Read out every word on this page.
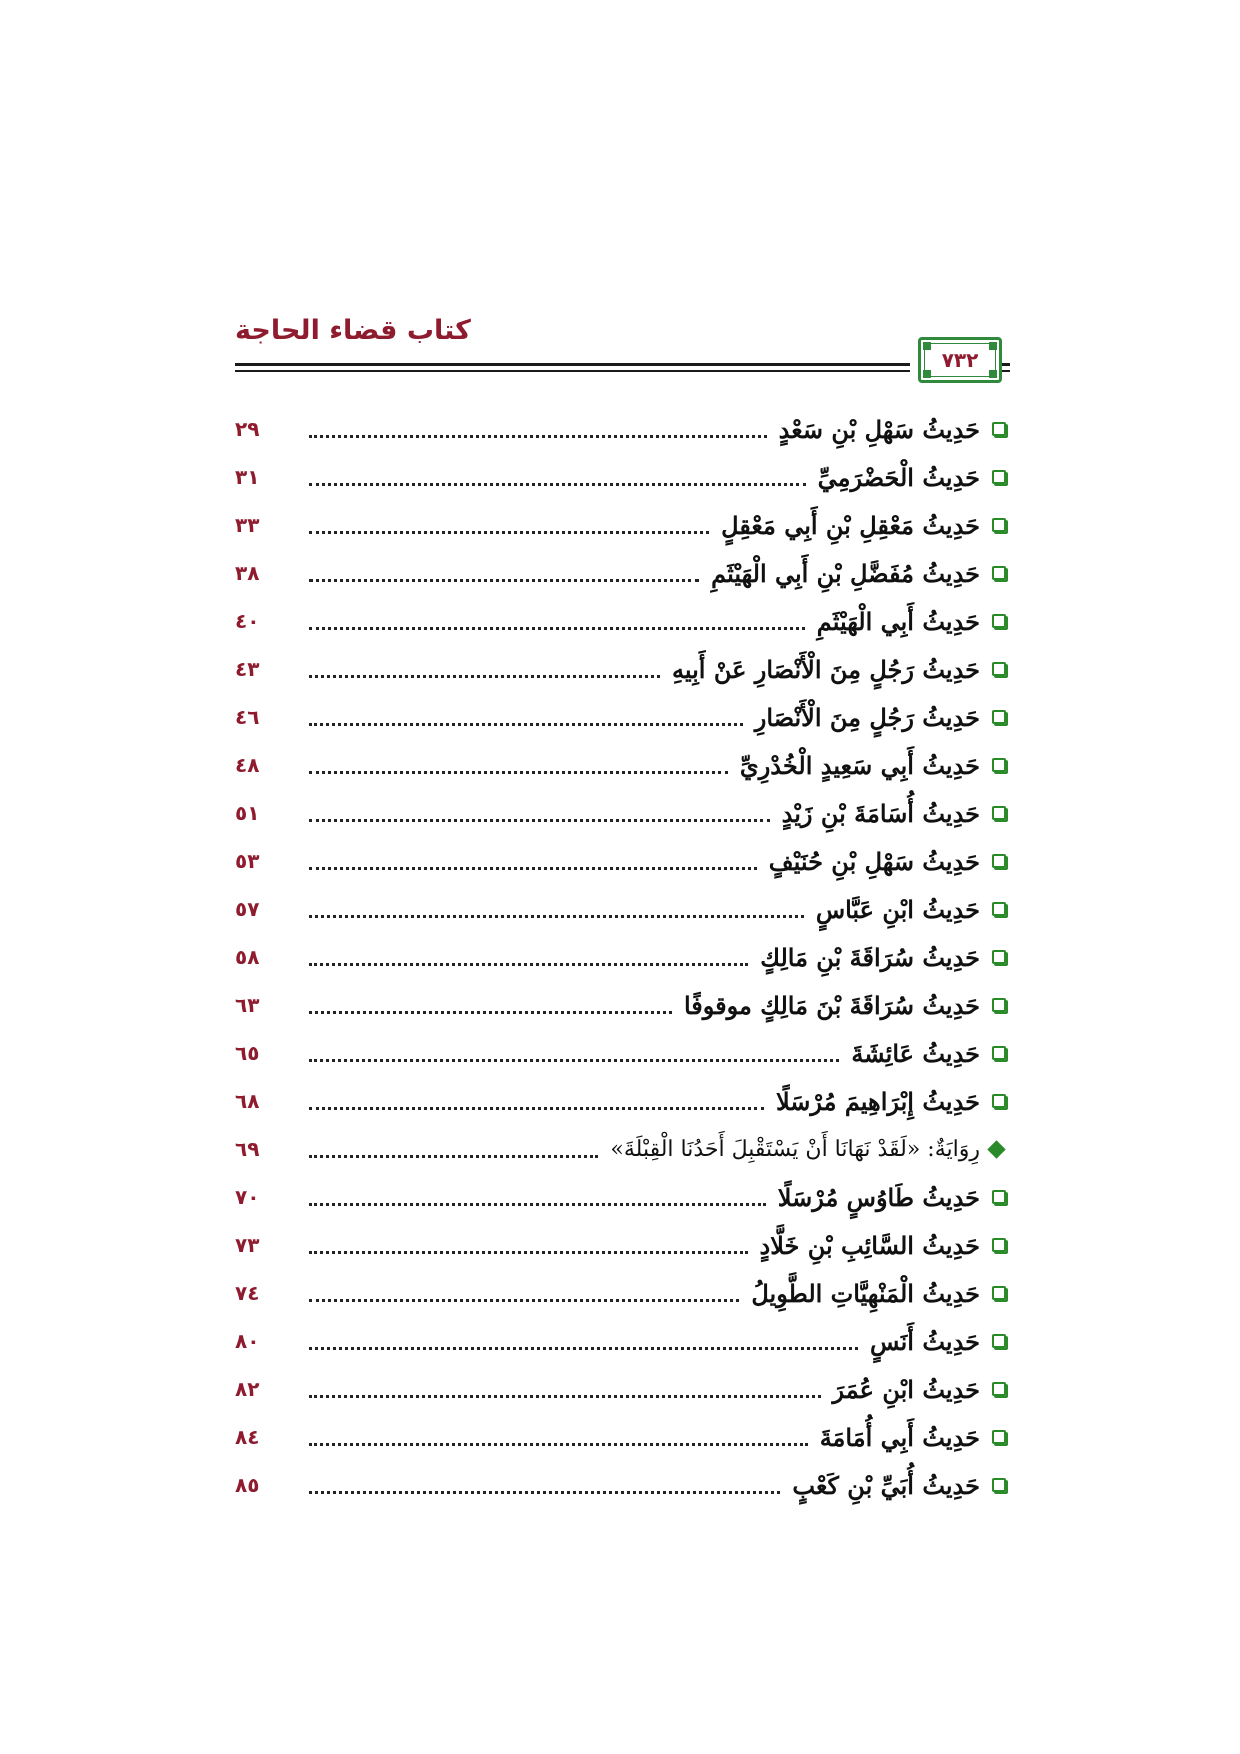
كتاب قضاء الحاجة
٧٣٢
حَدِيثُ سَهْلِ بْنِ سَعْدٍ
٢٩
حَدِيثُ الْحَضْرَمِيِّ
٣١
حَدِيثُ مَعْقِلِ بْنِ أَبِي مَعْقِلٍ
٣٣
حَدِيثُ مُفَضَّلِ بْنِ أَبِي الْهَيْثَمِ
٣٨
حَدِيثُ أَبِي الْهَيْثَمِ
٤٠
حَدِيثُ رَجُلٍ مِنَ الْأَنْصَارِ عَنْ أَبِيهِ
٤٣
حَدِيثُ رَجُلٍ مِنَ الْأَنْصَارِ
٤٦
حَدِيثُ أَبِي سَعِيدٍ الْخُدْرِيِّ
٤٨
حَدِيثُ أُسَامَةَ بْنِ زَيْدٍ
٥١
حَدِيثُ سَهْلِ بْنِ حُنَيْفٍ
٥٣
حَدِيثُ ابْنِ عَبَّاسٍ
٥٧
حَدِيثُ سُرَاقَةَ بْنِ مَالِكٍ
٥٨
حَدِيثُ سُرَاقَةَ بْنَ مَالِكٍ موقوفًا
٦٣
حَدِيثُ عَائِشَةَ
٦٥
حَدِيثُ إِبْرَاهِيمَ مُرْسَلًا
٦٨
رِوَايَةٌ: «لَقَدْ نَهَانَا أَنْ يَسْتَقْبِلَ أَحَدُنَا الْقِبْلَةَ»
٦٩
حَدِيثُ طَاوُسٍ مُرْسَلًا
٧٠
حَدِيثُ السَّائِبِ بْنِ خَلَّادٍ
٧٣
حَدِيثُ الْمَنْهِيَّاتِ الطَّوِيلُ
٧٤
حَدِيثُ أَنَسٍ
٨٠
حَدِيثُ ابْنِ عُمَرَ
٨٢
حَدِيثُ أَبِي أُمَامَةَ
٨٤
حَدِيثُ أُبَيِّ بْنِ كَعْبٍ
٨٥
